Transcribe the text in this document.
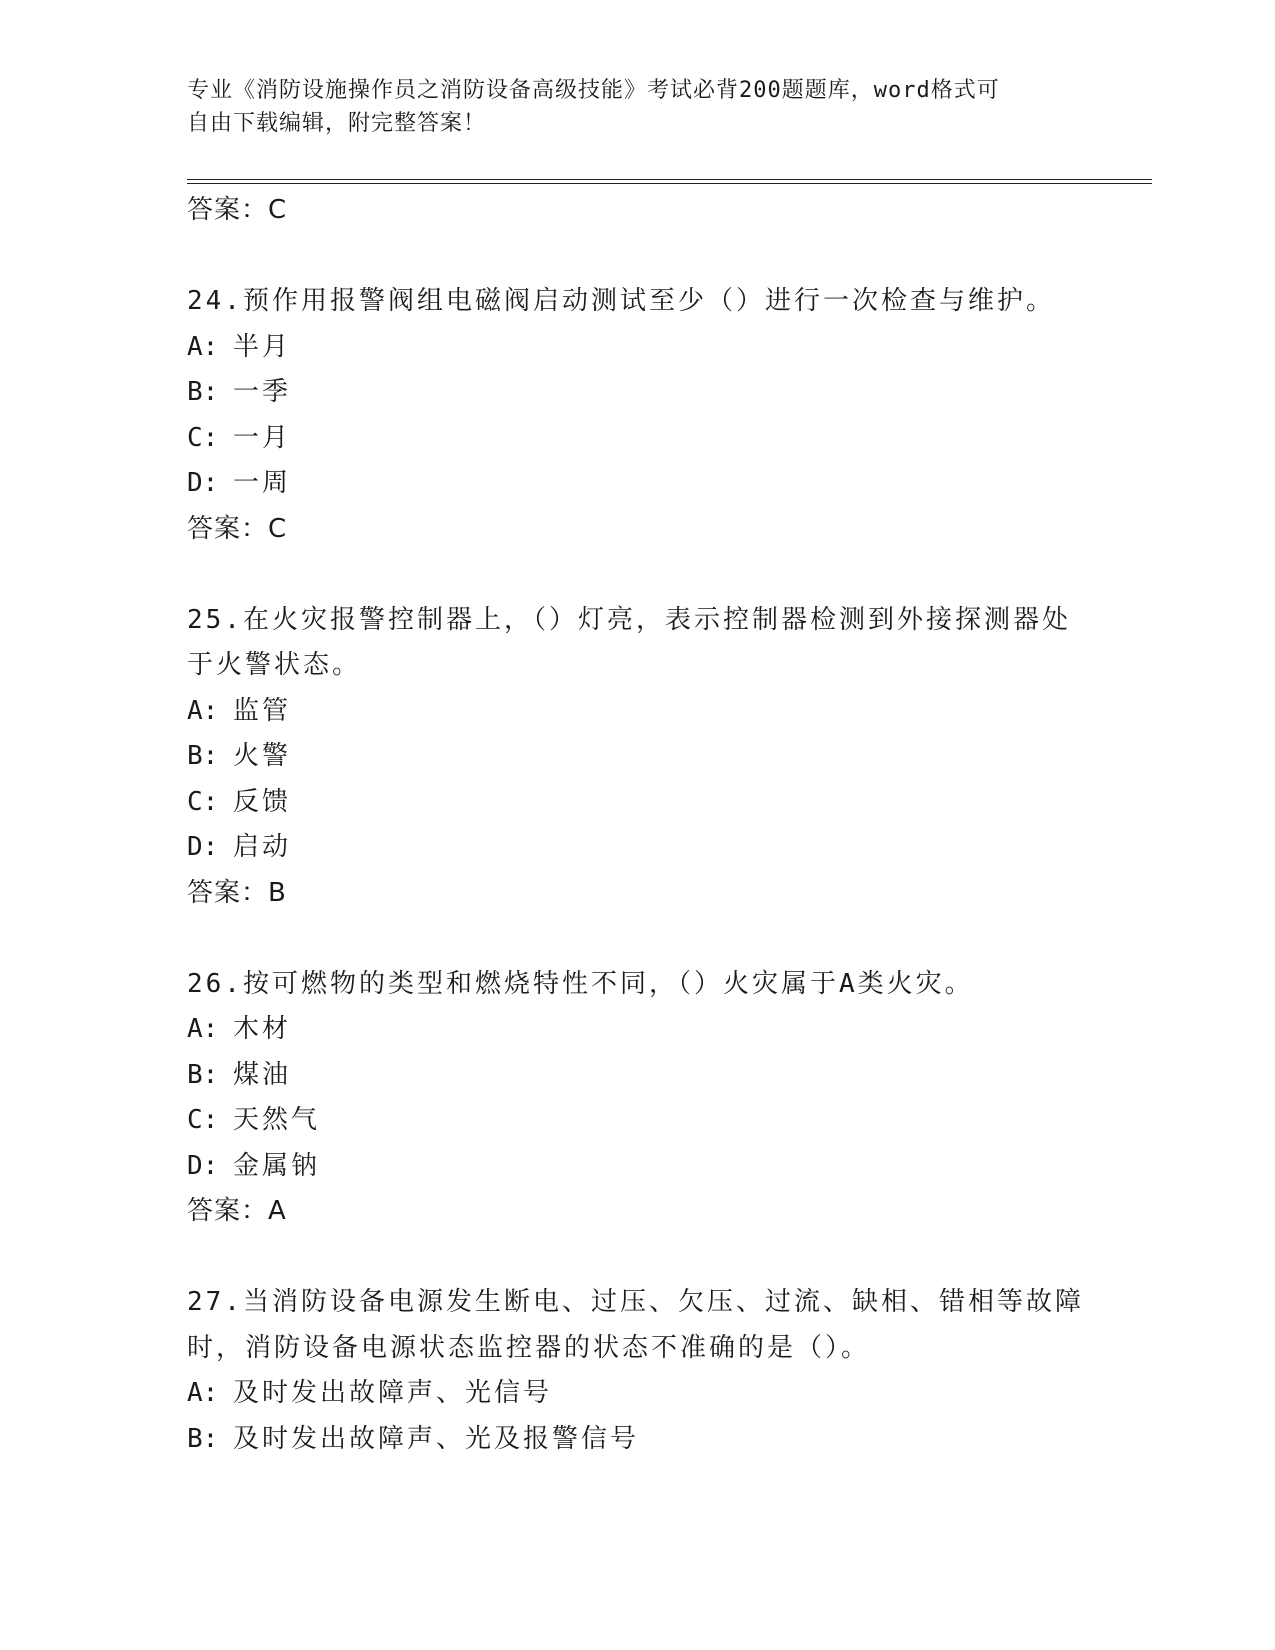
专业《消防设施操作员之消防设备高级技能》考试必背200题题库，word格式可
自由下载编辑，附完整答案！
答案：C
24.预作用报警阀组电磁阀启动测试至少（）进行一次检查与维护。
A: 半月
B: 一季
C: 一月
D: 一周
答案：C
25.在火灾报警控制器上，（）灯亮，表示控制器检测到外接探测器处
于火警状态。
A: 监管
B: 火警
C: 反馈
D: 启动
答案：B
26.按可燃物的类型和燃烧特性不同，（）火灾属于A类火灾。
A: 木材
B: 煤油
C: 天然气
D: 金属钠
答案：A
27.当消防设备电源发生断电、过压、欠压、过流、缺相、错相等故障
时，消防设备电源状态监控器的状态不准确的是（）。
A: 及时发出故障声、光信号
B: 及时发出故障声、光及报警信号
